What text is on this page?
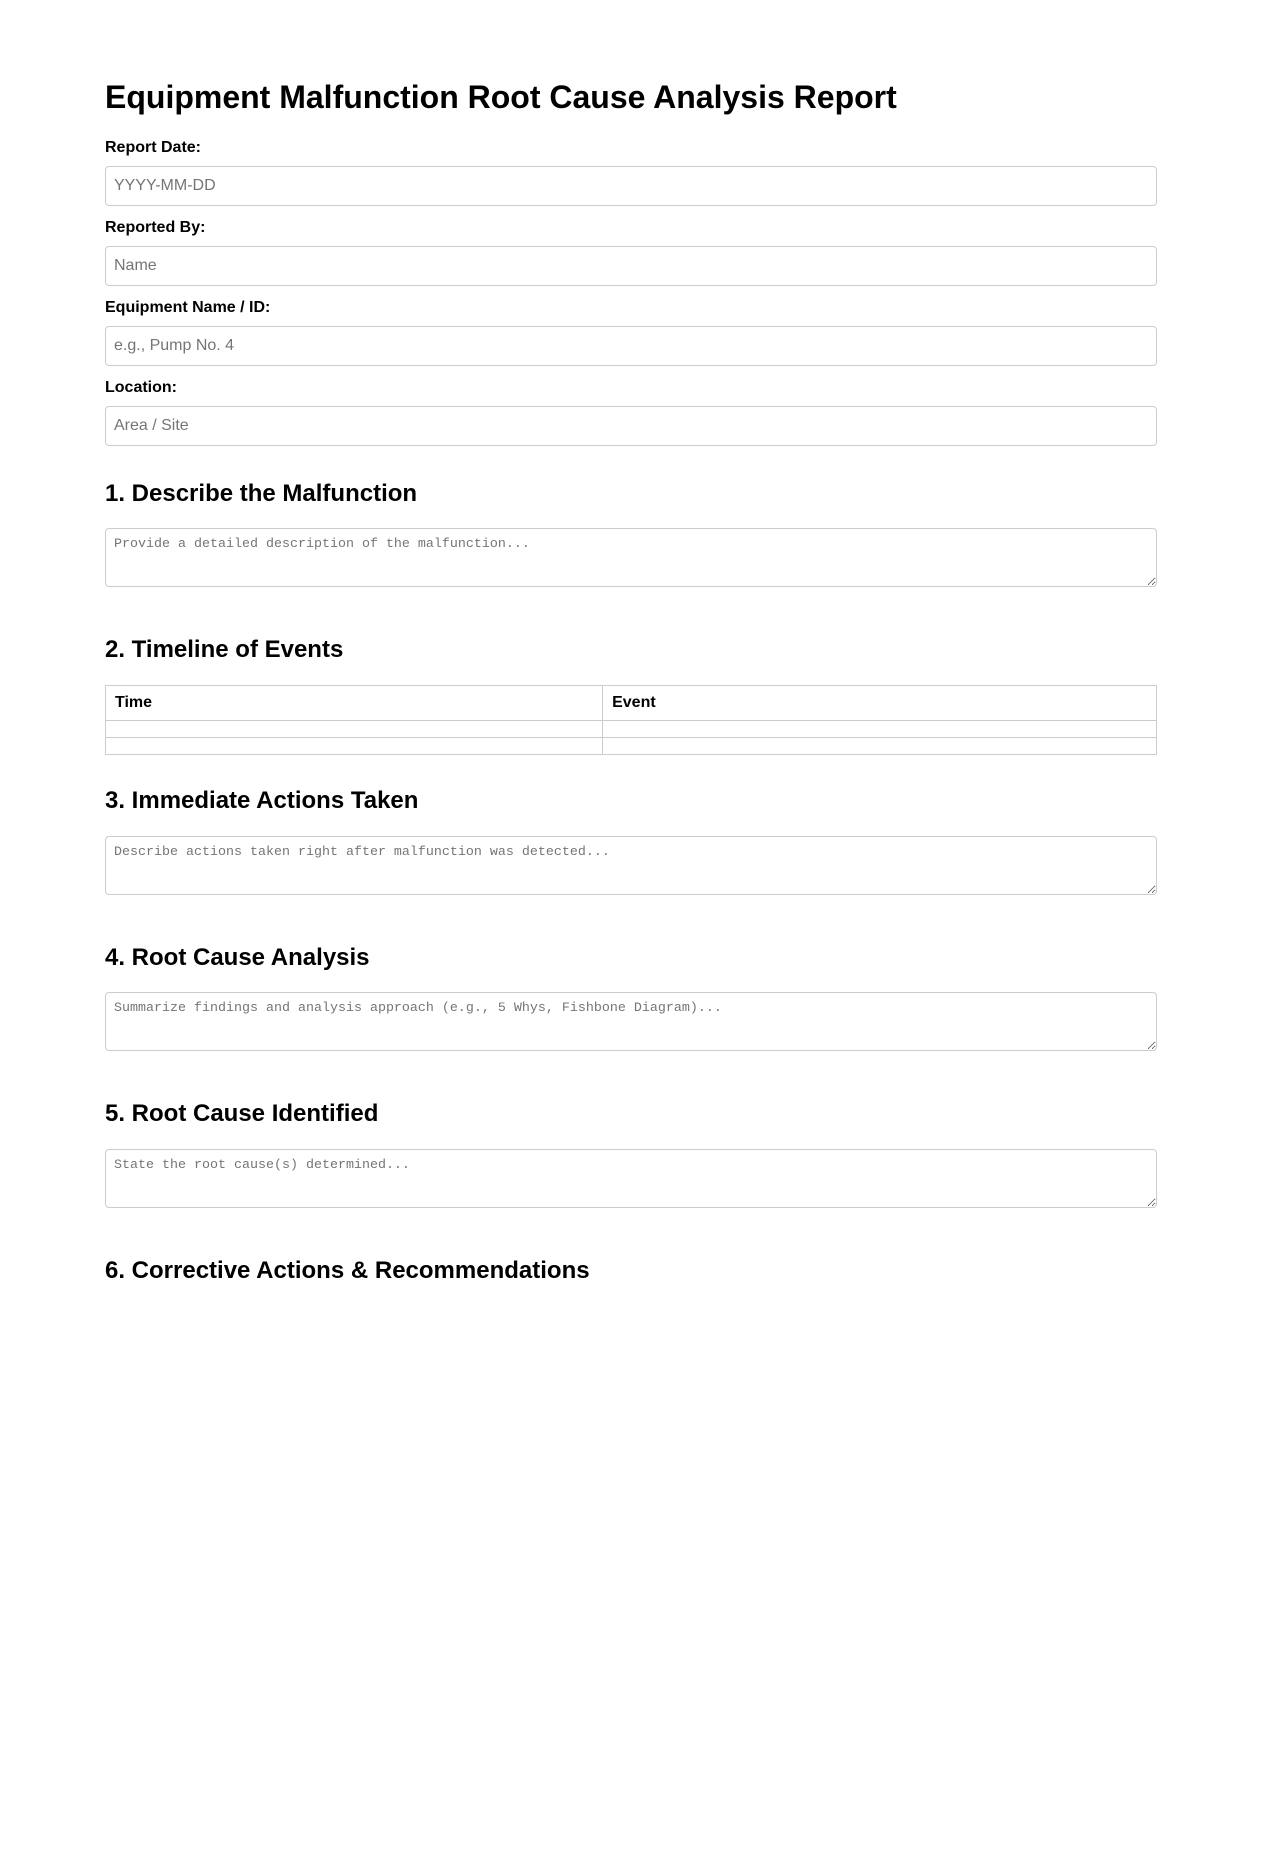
Equipment Malfunction Root Cause Analysis Report
Report Date:
YYYY-MM-DD
Reported By:
Name
Equipment Name / ID:
e.g., Pump No. 4
Location:
Area / Site
1. Describe the Malfunction
Provide a detailed description of the malfunction...
2. Timeline of Events
Time	Event

3. Immediate Actions Taken
Describe actions taken right after malfunction was detected...
4. Root Cause Analysis
Summarize findings and analysis approach (e.g., 5 Whys, Fishbone Diagram)...
5. Root Cause Identified
State the root cause(s) determined...
6. Corrective Actions & Recommendations
